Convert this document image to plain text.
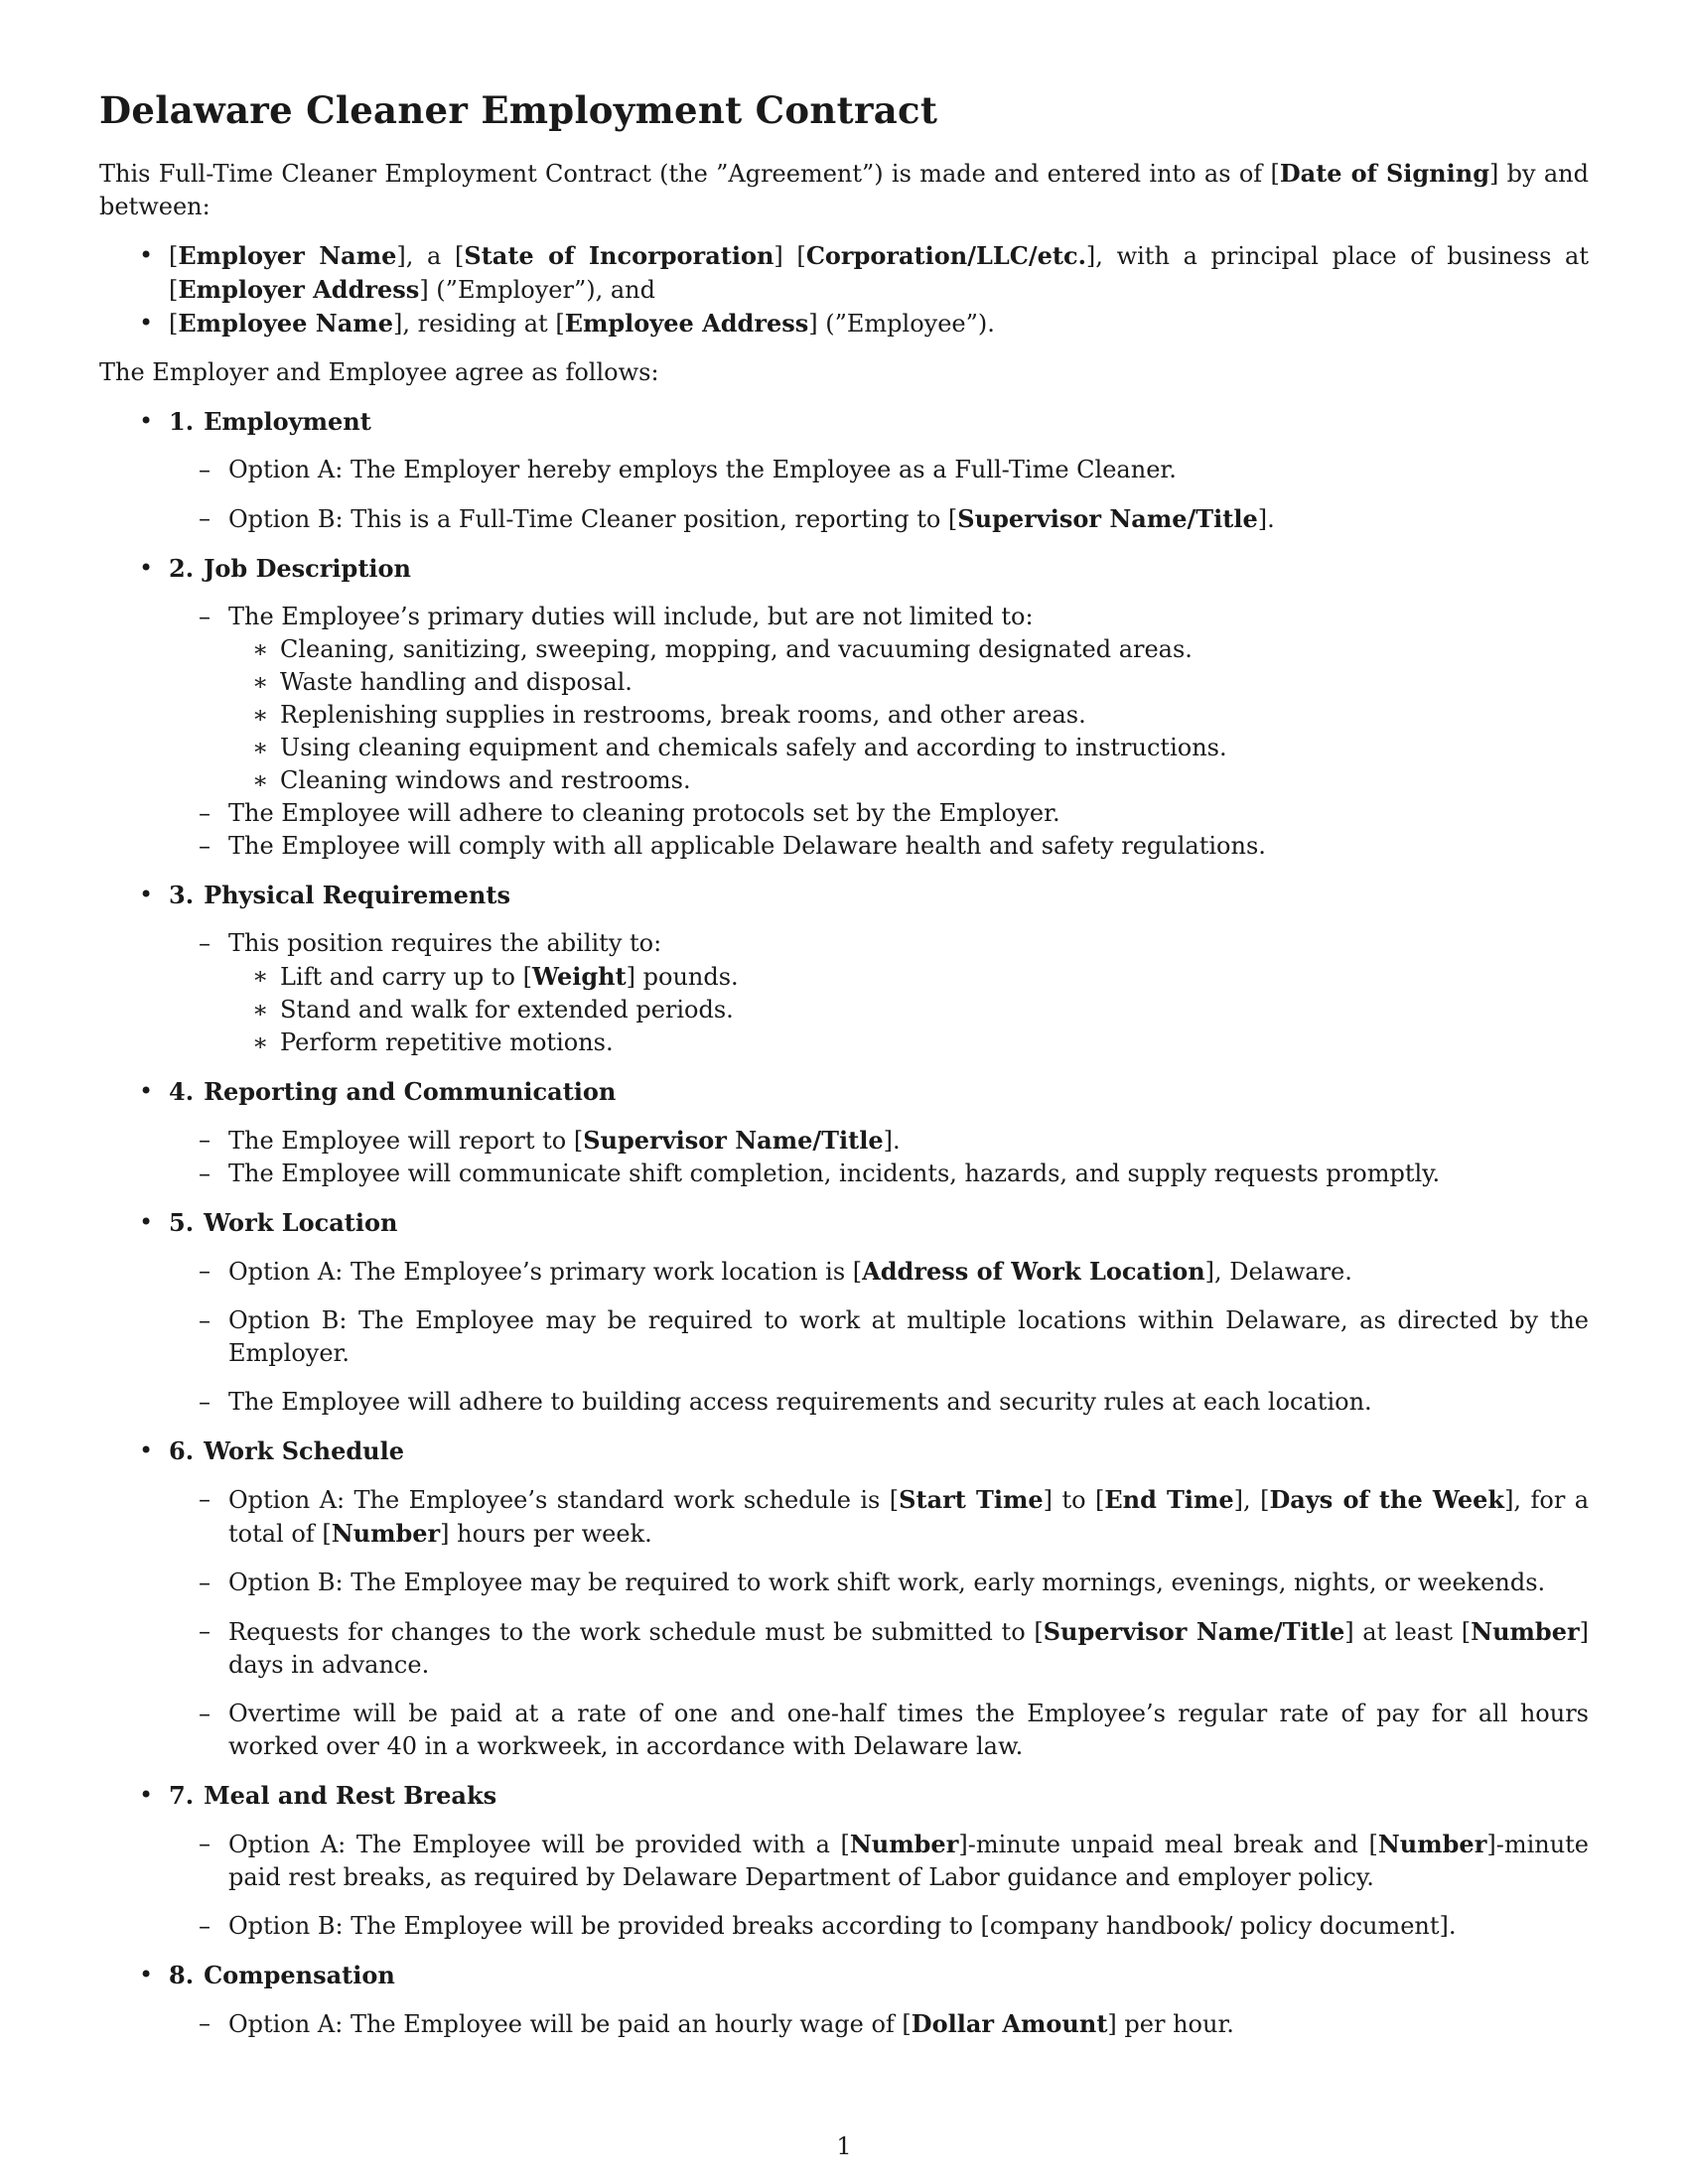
Delaware Cleaner Employment Contract

This Full-Time Cleaner Employment Contract (the ”Agreement”) is made and entered into as of [Date of Signing] by and between:

• [Employer Name], a [State of Incorporation] [Corporation/LLC/etc.], with a principal place of business at [Employer Address] (”Employer”), and
• [Employee Name], residing at [Employee Address] (”Employee”).

The Employer and Employee agree as follows:

• 1. Employment
– Option A: The Employer hereby employs the Employee as a Full-Time Cleaner.
– Option B: This is a Full-Time Cleaner position, reporting to [Supervisor Name/Title].
• 2. Job Description
– The Employee’s primary duties will include, but are not limited to:
∗ Cleaning, sanitizing, sweeping, mopping, and vacuuming designated areas.
∗ Waste handling and disposal.
∗ Replenishing supplies in restrooms, break rooms, and other areas.
∗ Using cleaning equipment and chemicals safely and according to instructions.
∗ Cleaning windows and restrooms.
– The Employee will adhere to cleaning protocols set by the Employer.
– The Employee will comply with all applicable Delaware health and safety regulations.
• 3. Physical Requirements
– This position requires the ability to:
∗ Lift and carry up to [Weight] pounds.
∗ Stand and walk for extended periods.
∗ Perform repetitive motions.
• 4. Reporting and Communication
– The Employee will report to [Supervisor Name/Title].
– The Employee will communicate shift completion, incidents, hazards, and supply requests promptly.
• 5. Work Location
– Option A: The Employee’s primary work location is [Address of Work Location], Delaware.
– Option B: The Employee may be required to work at multiple locations within Delaware, as directed by the Employer.
– The Employee will adhere to building access requirements and security rules at each location.
• 6. Work Schedule
– Option A: The Employee’s standard work schedule is [Start Time] to [End Time], [Days of the Week], for a total of [Number] hours per week.
– Option B: The Employee may be required to work shift work, early mornings, evenings, nights, or weekends.
– Requests for changes to the work schedule must be submitted to [Supervisor Name/Title] at least [Number] days in advance.
– Overtime will be paid at a rate of one and one-half times the Employee’s regular rate of pay for all hours worked over 40 in a workweek, in accordance with Delaware law.
• 7. Meal and Rest Breaks
– Option A: The Employee will be provided with a [Number]-minute unpaid meal break and [Number]-minute paid rest breaks, as required by Delaware Department of Labor guidance and employer policy.
– Option B: The Employee will be provided breaks according to [company handbook/ policy document].
• 8. Compensation
– Option A: The Employee will be paid an hourly wage of [Dollar Amount] per hour.
1
